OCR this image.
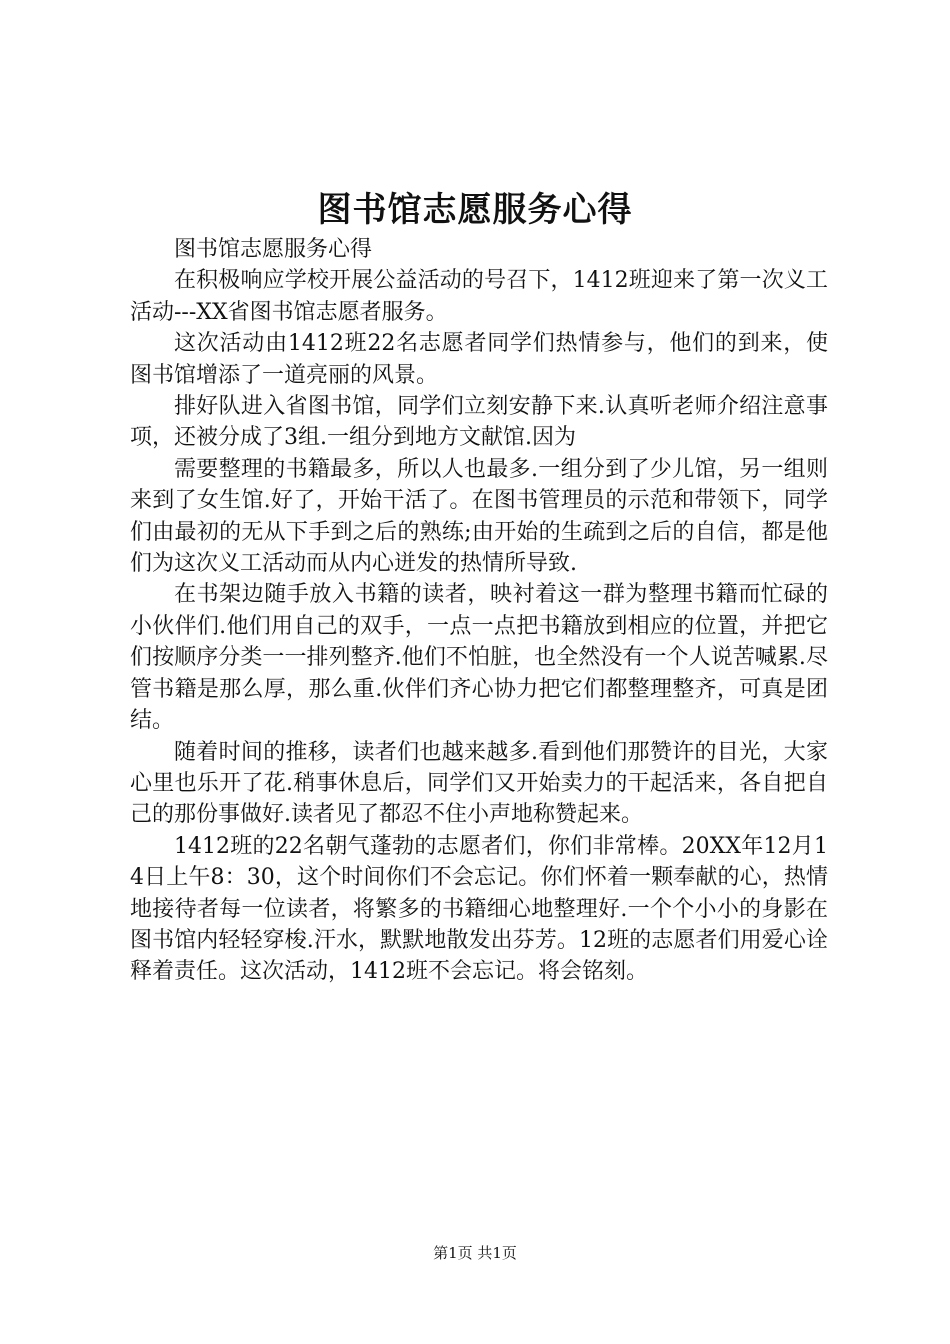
图书馆志愿服务心得

图书馆志愿服务心得

在积极响应学校开展公益活动的号召下，1412班迎来了第一次义工活动---XX省图书馆志愿者服务。

这次活动由1412班22名志愿者同学们热情参与，他们的到来，使图书馆增添了一道亮丽的风景。

排好队进入省图书馆，同学们立刻安静下来.认真听老师介绍注意事项，还被分成了3组.一组分到地方文献馆.因为

需要整理的书籍最多，所以人也最多.一组分到了少儿馆，另一组则来到了女生馆.好了，开始干活了。在图书管理员的示范和带领下，同学们由最初的无从下手到之后的熟练;由开始的生疏到之后的自信，都是他们为这次义工活动而从内心迸发的热情所导致.

在书架边随手放入书籍的读者，映衬着这一群为整理书籍而忙碌的小伙伴们.他们用自己的双手，一点一点把书籍放到相应的位置，并把它们按顺序分类一一排列整齐.他们不怕脏，也全然没有一个人说苦喊累.尽管书籍是那么厚，那么重.伙伴们齐心协力把它们都整理整齐，可真是团结。

随着时间的推移，读者们也越来越多.看到他们那赞许的目光，大家心里也乐开了花.稍事休息后，同学们又开始卖力的干起活来，各自把自己的那份事做好.读者见了都忍不住小声地称赞起来。

1412班的22名朝气蓬勃的志愿者们，你们非常棒。20XX年12月14日上午8：30，这个时间你们不会忘记。你们怀着一颗奉献的心，热情地接待者每一位读者，将繁多的书籍细心地整理好.一个个小小的身影在图书馆内轻轻穿梭.汗水，默默地散发出芬芳。12班的志愿者们用爱心诠释着责任。这次活动，1412班不会忘记。将会铭刻。

第1页 共1页
